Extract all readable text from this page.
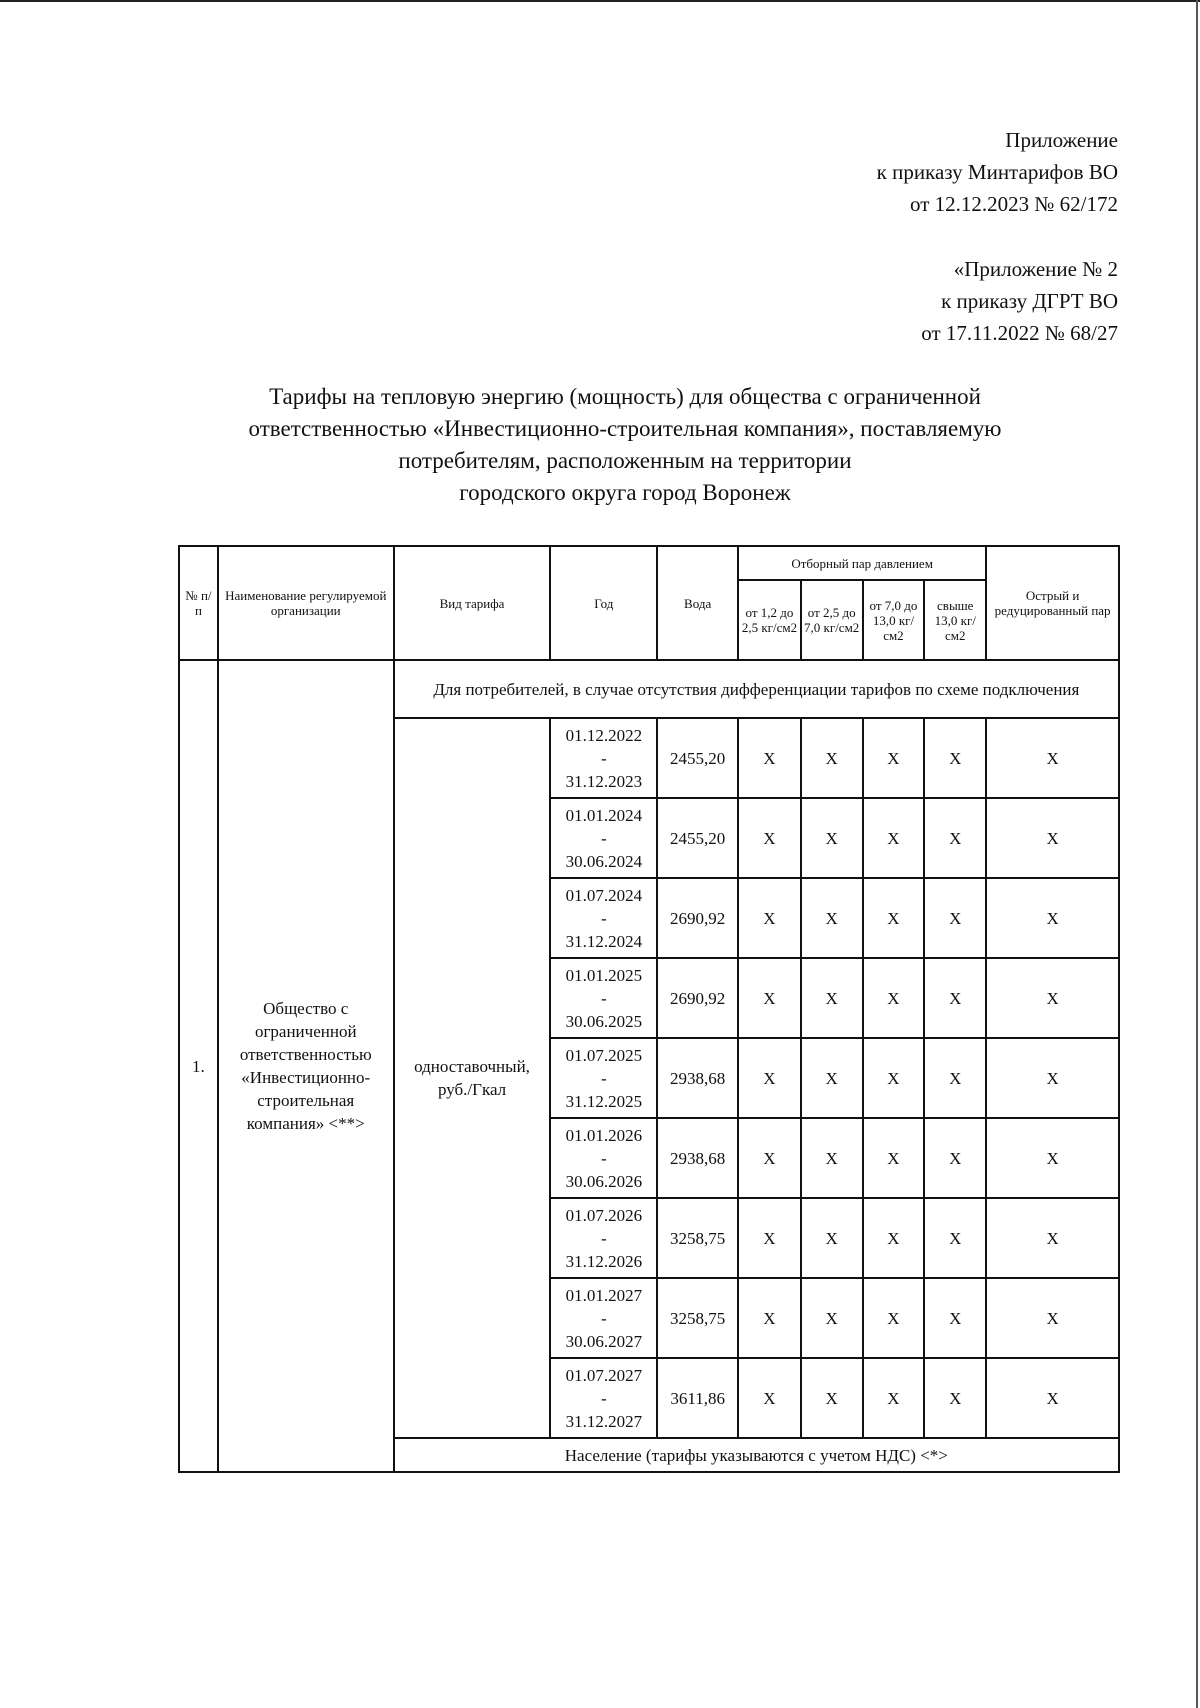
Приложение
к приказу Минтарифов ВО
от 12.12.2023 № 62/172
«Приложение № 2
к приказу ДГРТ ВО
от 17.11.2022 № 68/27
Тарифы на тепловую энергию (мощность) для общества с ограниченной
ответственностью «Инвестиционно-строительная компания», поставляемую
потребителям, расположенным на территории
городского округа город Воронеж
№ п/п	Наименование регулируемой организации	Вид тарифа	Год	Вода	Отборный пар давлением				Острый и редуцированный пар
					от 1,2 до 2,5 кг/см2	от 2,5 до 7,0 кг/см2	от 7,0 до 13,0 кг/см2	свыше 13,0 кг/см2	
1.	Общество с ограниченной ответственностью «Инвестиционно-строительная компания» <**>	Для потребителей, в случае отсутствия дифференциации тарифов по схеме подключения							
		одноставочный, руб./Гкал	01.12.2022
-
31.12.2023	2455,20	X	X	X	X	X

			01.01.2024
-
30.06.2024	2455,20	X	X	X	X	X

			01.07.2024
-
31.12.2024	2690,92	X	X	X	X	X

			01.01.2025
-
30.06.2025	2690,92	X	X	X	X	X

			01.07.2025
-
31.12.2025	2938,68	X	X	X	X	X

			01.01.2026
-
30.06.2026	2938,68	X	X	X	X	X

			01.07.2026
-
31.12.2026	3258,75	X	X	X	X	X

			01.01.2027
-
30.06.2027	3258,75	X	X	X	X	X

			01.07.2027
-
31.12.2027	3611,86	X	X	X	X	X
		Население (тарифы указываются с учетом НДС) <*>							
